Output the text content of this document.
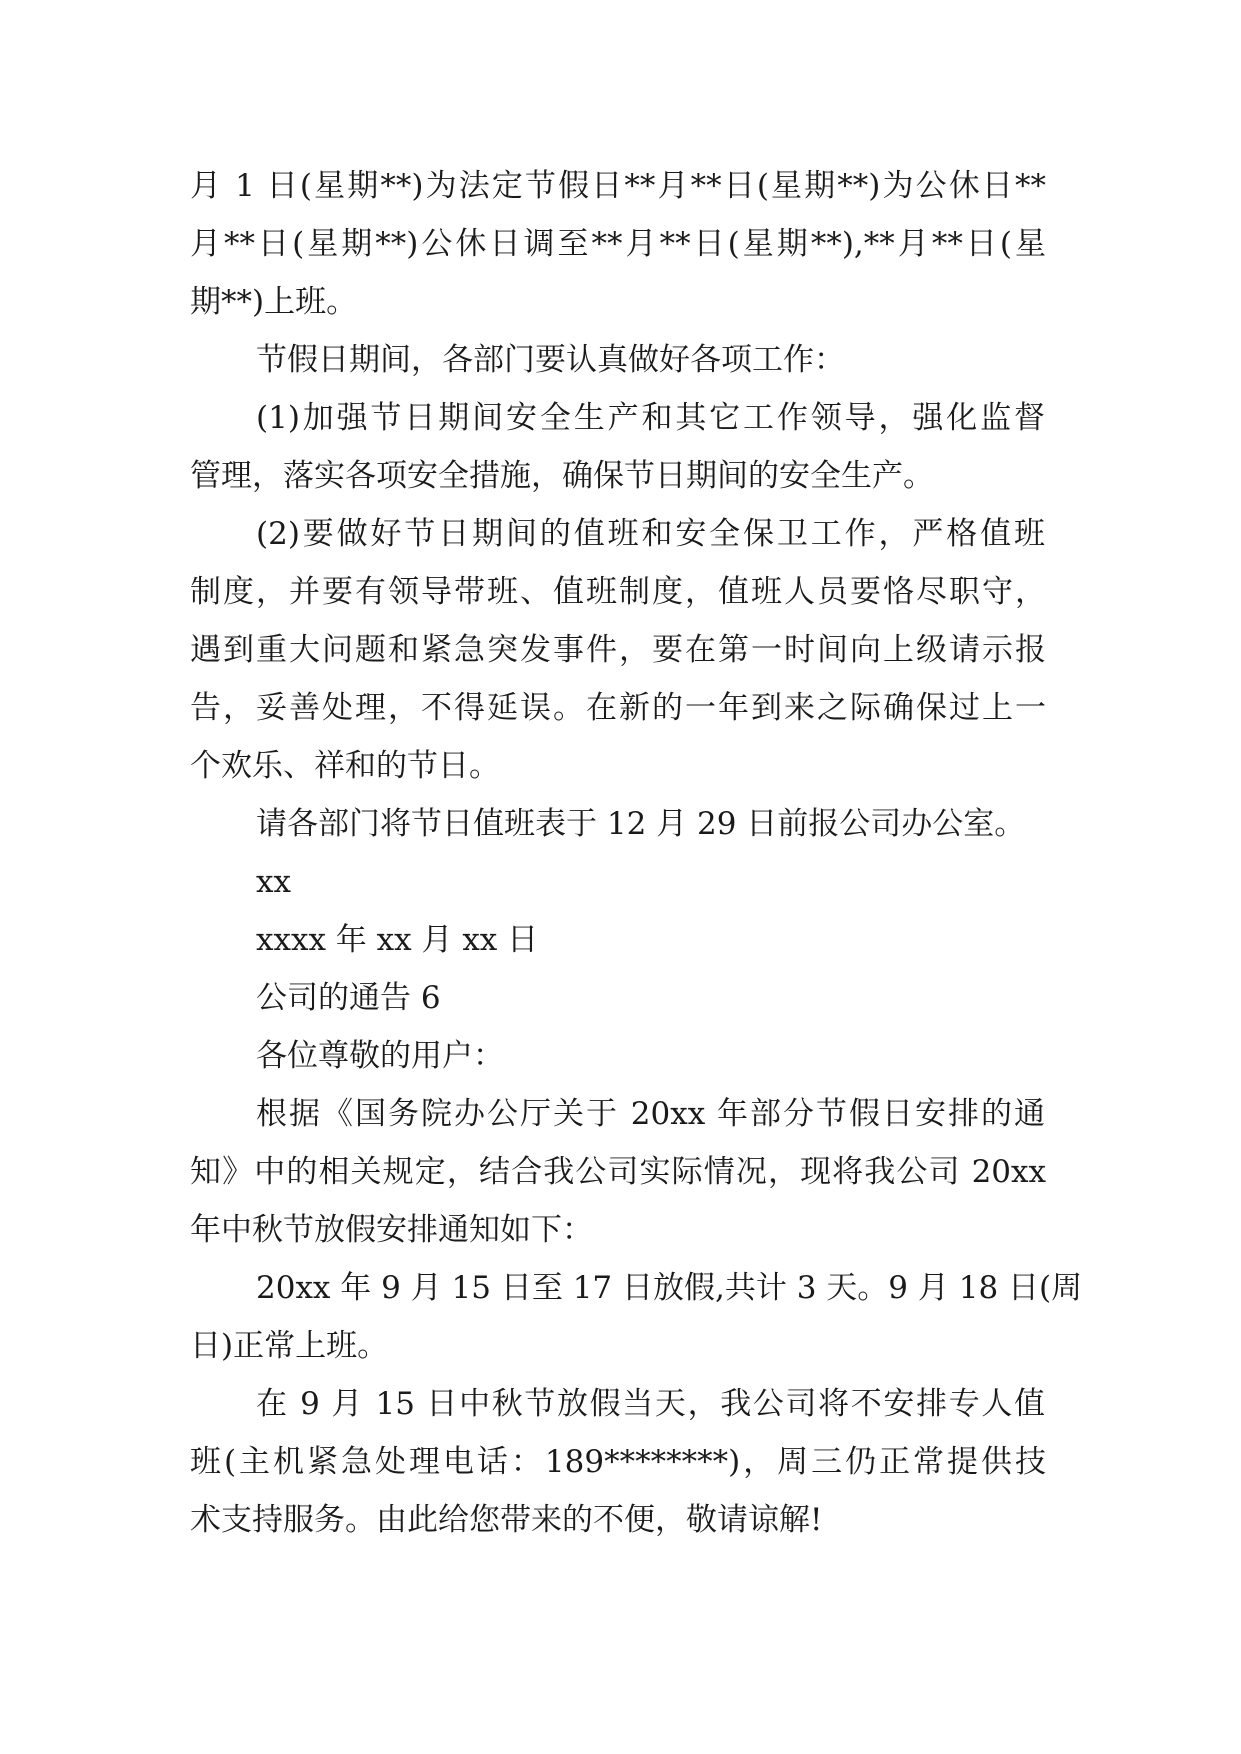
月 1 日(星期**)为法定节假日**月**日(星期**)为公休日**
月**日(星期**)公休日调至**月**日(星期**),**月**日(星
期**)上班。
节假日期间，各部门要认真做好各项工作：
(1)加强节日期间安全生产和其它工作领导，强化监督
管理，落实各项安全措施，确保节日期间的安全生产。
(2)要做好节日期间的值班和安全保卫工作，严格值班
制度，并要有领导带班、值班制度，值班人员要恪尽职守，
遇到重大问题和紧急突发事件，要在第一时间向上级请示报
告，妥善处理，不得延误。在新的一年到来之际确保过上一
个欢乐、祥和的节日。
请各部门将节日值班表于 12 月 29 日前报公司办公室。
xx
xxxx 年 xx 月 xx 日
公司的通告 6
各位尊敬的用户：
根据《国务院办公厅关于 20xx 年部分节假日安排的通
知》中的相关规定，结合我公司实际情况，现将我公司 20xx
年中秋节放假安排通知如下：
20xx 年 9 月 15 日至 17 日放假,共计 3 天。9 月 18 日(周
日)正常上班。
在 9 月 15 日中秋节放假当天，我公司将不安排专人值
班(主机紧急处理电话：189********)，周三仍正常提供技
术支持服务。由此给您带来的不便，敬请谅解!
